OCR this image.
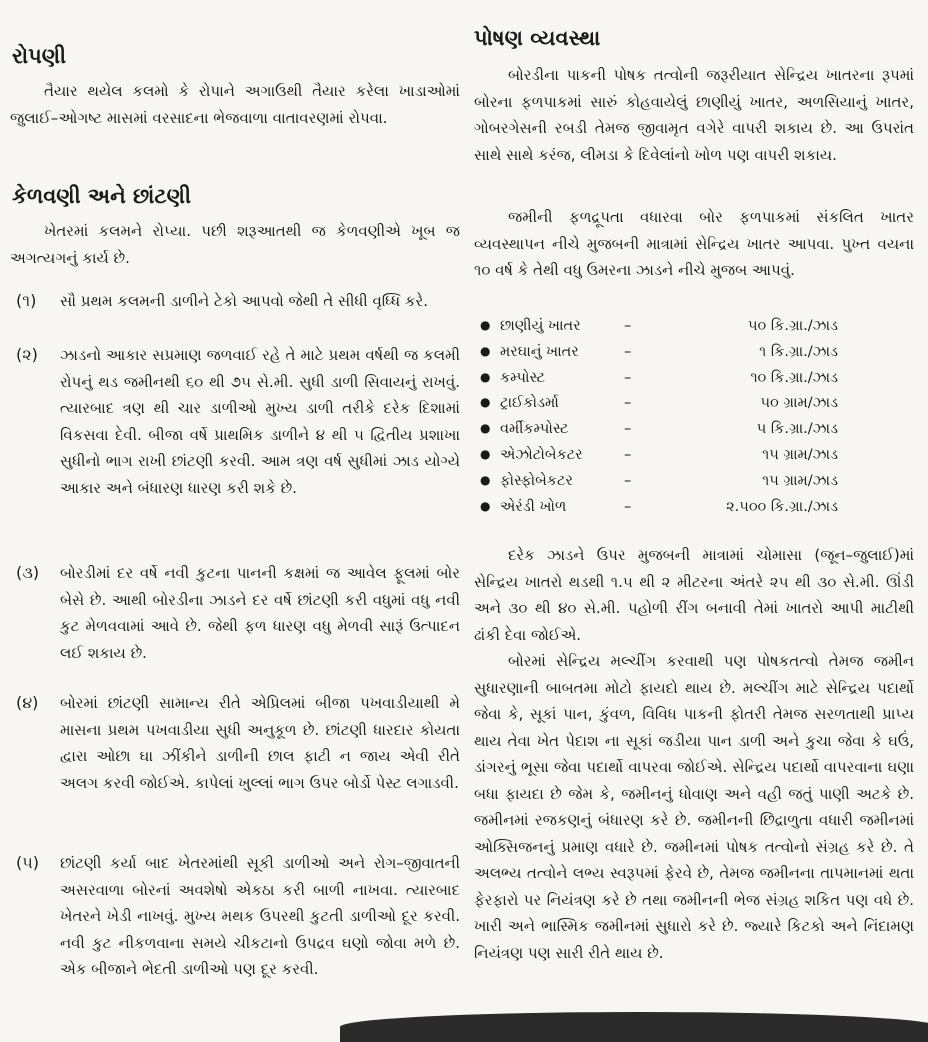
રોપણી

તૈયાર થયેલ કલમો કે રોપાને અગાઉથી તૈયાર કરેલા ખાડાઓમાં જુલાઈ–ઓગષ્ટ માસમાં વરસાદના ભેજવાળા વાતાવરણમાં રોપવા.

કેળવણી અને છાંટણી

ખેતરમાં કલમને રોપ્યા. પછી શરૂઆતથી જ કેળવણીએ ખૂબ જ અગત્યગનું કાર્ય છે.

(૧) સૌ પ્રથમ કલમની ડાળીને ટેકો આપવો જેથી તે સીધી વૃધ્ધિ કરે.
(૨) ઝાડનો આકાર સપ્રમાણ જળવાઈ રહે તે માટે પ્રથમ વર્ષથી જ કલમી રોપનું થડ જમીનથી ૬૦ થી ૭૫ સે.મી. સુધી ડાળી સિવાયનું રાખવું. ત્યારબાદ ત્રણ થી ચાર ડાળીઓ મુખ્ય ડાળી તરીકે દરેક દિશામાં વિકસવા દેવી. બીજા વર્ષે પ્રાથમિક ડાળીને ૪ થી ૫ દ્વિતીય પ્રશાખા સુધીનો ભાગ રાખી છાંટણી કરવી. આમ ત્રણ વર્ષ સુધીમાં ઝાડ યોગ્યે આકાર અને બંધારણ ધારણ કરી શકે છે.
(૩) બોરડીમાં દર વર્ષે નવી કુટના પાનની કક્ષમાં જ આવેલ ફૂલમાં બોર બેસે છે. આથી બોરડીના ઝાડને દર વર્ષે છાંટણી કરી વધુમાં વધુ નવી કુટ મેળવવામાં આવે છે. જેથી ફળ ધારણ વધુ મેળવી સારૂં ઉત્પાદન લઈ શકાય છે.
(૪) બોરમાં છાંટણી સામાન્ય રીતે એપ્રિલમાં બીજા પખવાડીયાથી મે માસના પ્રથમ પખવાડીયા સુધી અનુકૂળ છે. છાંટણી ધારદાર કોયતા દ્વારા ઓછા ઘા ઝીંકીને ડાળીની છાલ ફાટી ન જાય એવી રીતે અલગ કરવી જોઈએ. કાપેલાં ખુલ્લાં ભાગ ઉપર બોર્ડો પેસ્ટ લગાડવી.
(૫) છાંટણી કર્યા બાદ ખેતરમાંથી સૂકી ડાળીઓ અને રોગ–જીવાતની અસરવાળા બોરનાં અવશેષો એકઠા કરી બાળી નાખવા. ત્યારબાદ ખેતરને ખેડી નાખવું. મુખ્ય મથક ઉપરથી કુટતી ડાળીઓ દૂર કરવી. નવી કુટ નીકળવાના સમયે ચીકટાનો ઉપદ્રવ ઘણો જોવા મળે છે. એક બીજાને ભેદતી ડાળીઓ પણ દૂર કરવી.
પોષણ વ્યવસ્થા

બોરડીના પાકની પોષક તત્વોની જરૂરીયાત સેન્દ્રિય ખાતરના રૂપમાં બોરના ફળપાકમાં સારું કોહવાયેલું છાણીયું ખાતર, અળસિયાનું ખાતર, ગોબરગેસની રબડી તેમજ જીવામૃત વગેરે વાપરી શકાય છે. આ ઉપરાંત સાથે સાથે કરંજ, લીમડા કે દિવેલાંનો ખોળ પણ વાપરી શકાય.

જમીની ફળદ્રૂપતા વધારવા બોર ફળપાકમાં સંકલિત ખાતર વ્યવસ્થાપન નીચે મુજબની માત્રામાં સેન્દ્રિય ખાતર આપવા. પુખ્ત વયના ૧૦ વર્ષ કે તેથી વધુ ઉમરના ઝાડને નીચે મુજબ આપવું.

● છાણીયું ખાતર	–	૫૦ કિ.ગ્રા./ઝાડ
● મરઘાનું ખાતર	–	૧ કિ.ગ્રા./ઝાડ
● કમ્પોસ્ટ	–	૧૦ કિ.ગ્રા./ઝાડ
● ટ્રાઈકોડર્મા	–	૫૦ ગ્રામ/ઝાડ
● વર્મીકમ્પોસ્ટ	–	૫ કિ.ગ્રા./ઝાડ
● એઝોટોબેકટર	–	૧૫ ગ્રામ/ઝાડ
● ફોસ્ફોબેકટર	–	૧૫ ગ્રામ/ઝાડ
● એરંડી ખોળ	–	૨.૫૦૦ કિ.ગ્રા./ઝાડ

દરેક ઝાડને ઉપર મુજબની માત્રામાં ચોમાસા (જૂન–જુલાઈ)માં સેન્દ્રિય ખાતરો થડથી ૧.૫ થી ૨ મીટરના અંતરે ૨૫ થી ૩૦ સે.મી. ઊંડી અને ૩૦ થી ૪૦ સે.મી. પહોળી રીંગ બનાવી તેમાં ખાતરો આપી માટીથી ઢાંકી દેવા જોઈએ.

બોરમાં સેન્દ્રિય મલ્ચીંગ કરવાથી પણ પોષકતત્વો તેમજ જમીન સુધારણાની બાબતમા મોટો ફાયદો થાય છે. મલ્ચીંગ માટે સેન્દ્રિય પદાર્થો જેવા કે, સૂકાં પાન, કુંવળ, વિવિધ પાકની ફોતરી તેમજ સરળતાથી પ્રાપ્ય થાય તેવા ખેત પેદાશ ના સૂકાં જડીયા પાન ડાળી અને કુચા જેવા કે ઘઉં, ડાંગરનું ભૂસા જેવા પદાર્થો વાપરવા જોઈએ. સેન્દ્રિય પદાર્થો વાપરવાના ઘણા બધા ફાયદા છે જેમ કે, જમીનનું ધોવાણ અને વહી જતું પાણી અટકે છે. જમીનમાં રજકણનું બંધારણ કરે છે. જમીનની છિદ્રાળુતા વધારી જમીનમાં ઓક્સિજનનું પ્રમાણ વધારે છે. જમીનમાં પોષક તત્વોનો સંગ્રહ કરે છે. તે અલભ્ય તત્વોને લભ્ય સ્વરૂપમાં ફેરવે છે, તેમજ જમીનના તાપમાનમાં થતા ફેરફારો પર નિયંત્રણ કરે છે તથા જમીનની ભેજ સંગ્રહ શકિત પણ વધે છે. ખારી અને ભાસ્મિક જમીનમાં સુધારો કરે છે. જ્યારે કિટકો અને નિંદામણ નિયંત્રણ પણ સારી રીતે થાય છે.
